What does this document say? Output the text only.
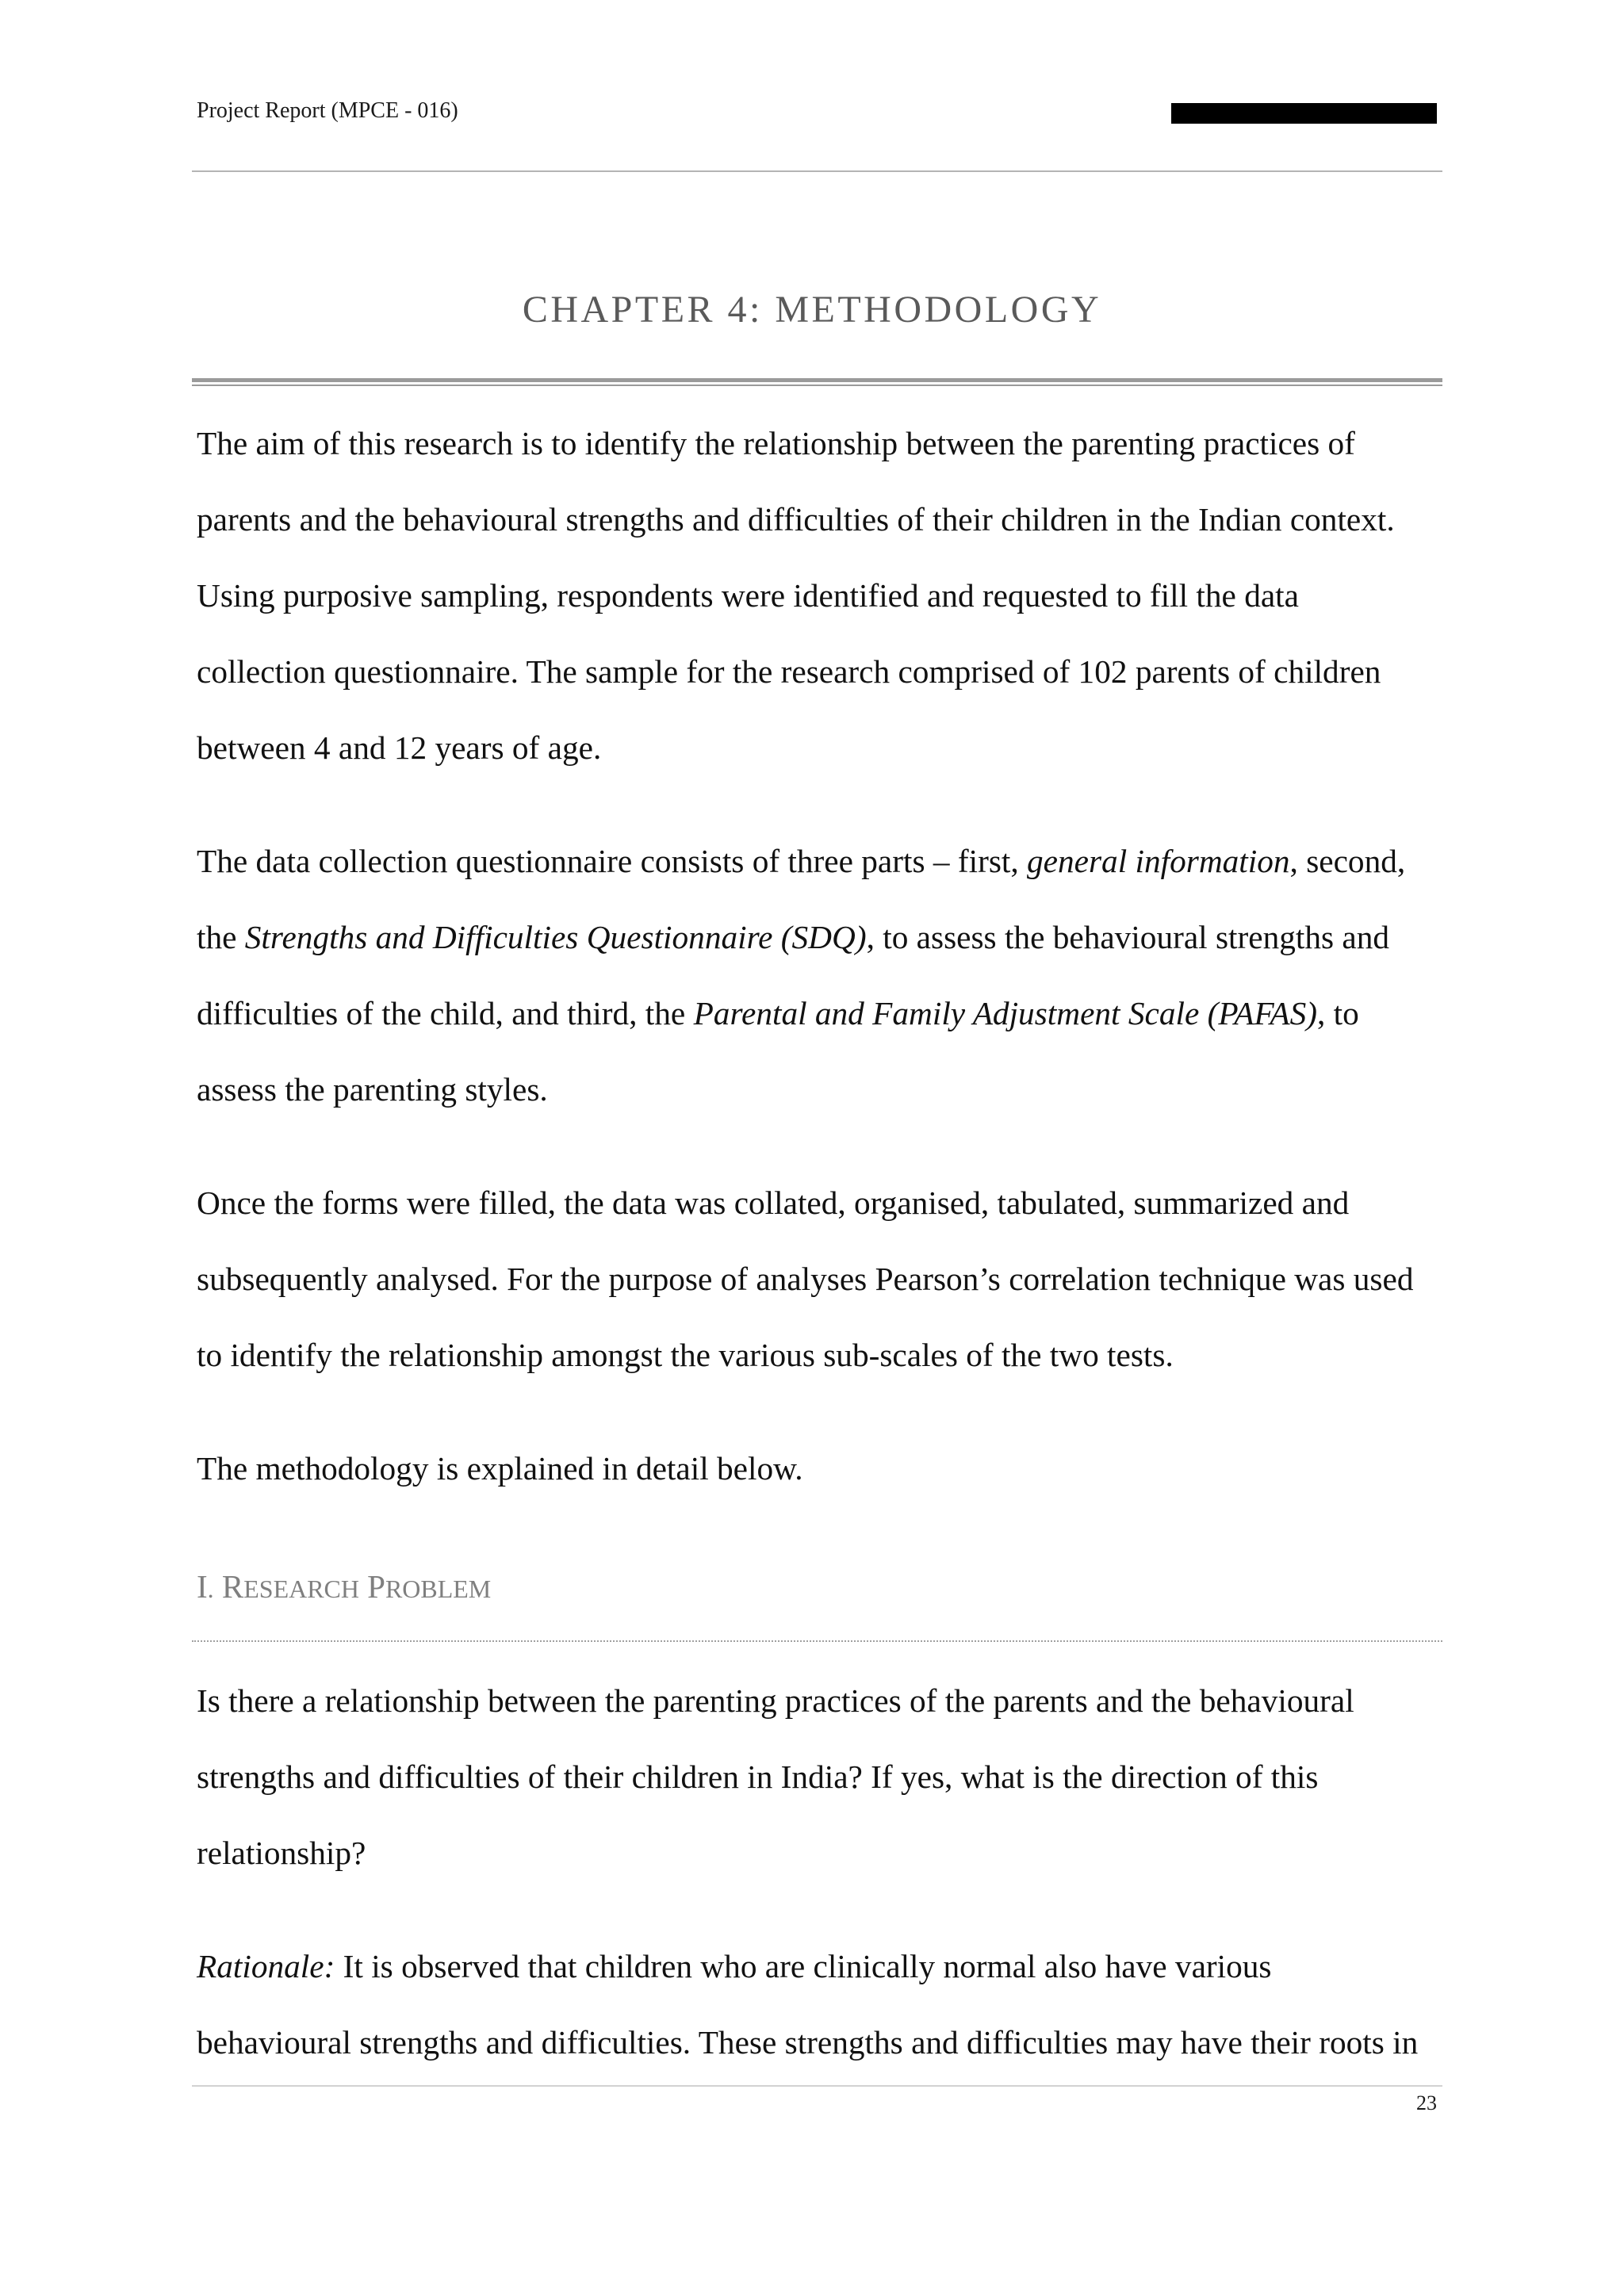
Project Report (MPCE - 016)
CHAPTER 4: METHODOLOGY
The aim of this research is to identify the relationship between the parenting practices of
parents and the behavioural strengths and difficulties of their children in the Indian context.
Using purposive sampling, respondents were identified and requested to fill the data
collection questionnaire. The sample for the research comprised of 102 parents of children
between 4 and 12 years of age.
The data collection questionnaire consists of three parts – first, general information, second,
the Strengths and Difficulties Questionnaire (SDQ), to assess the behavioural strengths and
difficulties of the child, and third, the Parental and Family Adjustment Scale (PAFAS), to
assess the parenting styles.
Once the forms were filled, the data was collated, organised, tabulated, summarized and
subsequently analysed. For the purpose of analyses Pearson’s correlation technique was used
to identify the relationship amongst the various sub-scales of the two tests.
The methodology is explained in detail below.
I. RESEARCH PROBLEM
Is there a relationship between the parenting practices of the parents and the behavioural
strengths and difficulties of their children in India? If yes, what is the direction of this
relationship?
Rationale: It is observed that children who are clinically normal also have various
behavioural strengths and difficulties. These strengths and difficulties may have their roots in
23
